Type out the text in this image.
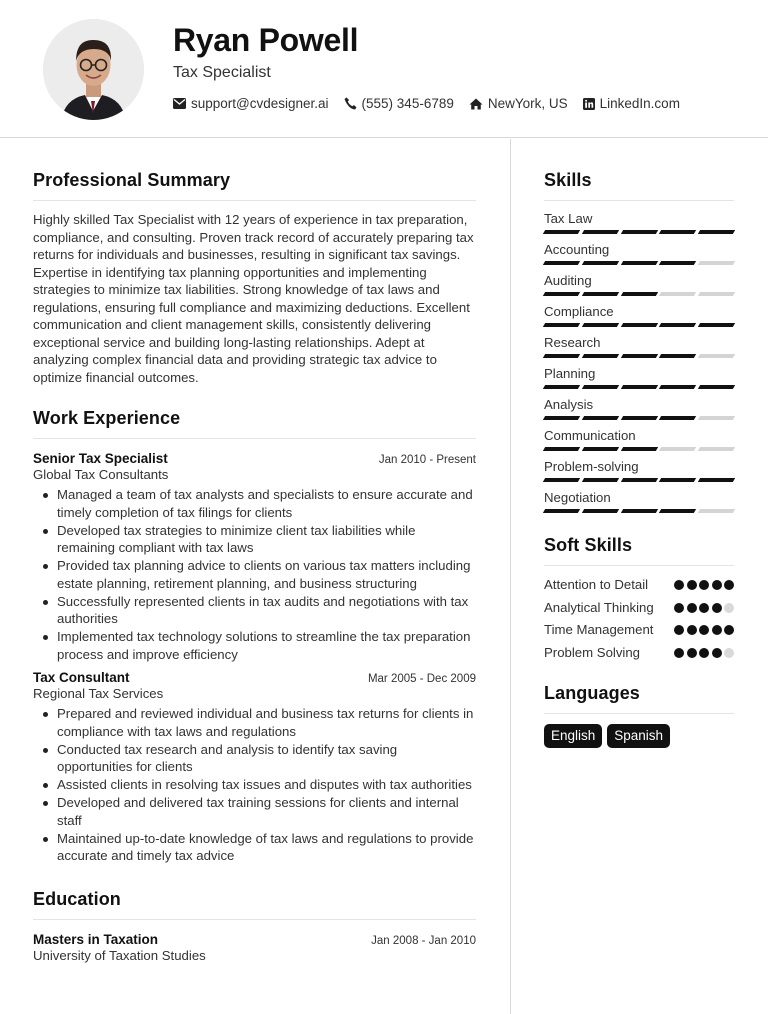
Ryan Powell
Tax Specialist
support@cvdesigner.ai (555) 345-6789	NewYork, US LinkedIn.com
Professional Summary

Highly skilled Tax Specialist with 12 years of experience in tax preparation, compliance, and consulting. Proven track record of accurately preparing tax returns for individuals and businesses, resulting in significant tax savings. Expertise in identifying tax planning opportunities and implementing strategies to minimize tax liabilities. Strong knowledge of tax laws and regulations, ensuring full compliance and maximizing deductions. Excellent communication and client management skills, consistently delivering exceptional service and building long-lasting relationships. Adept at analyzing complex financial data and providing strategic tax advice to optimize financial outcomes.

Work Experience
Senior Tax Specialist	Jan 2010 - Present
Global Tax Consultants
Managed a team of tax analysts and specialists to ensure accurate and timely completion of tax filings for clients
Developed tax strategies to minimize client tax liabilities while remaining compliant with tax laws
Provided tax planning advice to clients on various tax matters including estate planning, retirement planning, and business structuring
Successfully represented clients in tax audits and negotiations with tax authorities
Implemented tax technology solutions to streamline the tax preparation process and improve efficiency
Tax Consultant	Mar 2005 - Dec 2009
Regional Tax Services
Prepared and reviewed individual and business tax returns for clients in compliance with tax laws and regulations
Conducted tax research and analysis to identify tax saving opportunities for clients
Assisted clients in resolving tax issues and disputes with tax authorities
Developed and delivered tax training sessions for clients and internal staff
Maintained up-to-date knowledge of tax laws and regulations to provide accurate and timely tax advice
Education
Masters in Taxation	Jan 2008 - Jan 2010
University of Taxation Studies
Skills
Tax Law
Accounting
Auditing
Compliance
Research
Planning
Analysis
Communication
Problem-solving
Negotiation
Soft Skills
Attention to Detail
Analytical Thinking
Time Management
Problem Solving
Languages
English	Spanish
